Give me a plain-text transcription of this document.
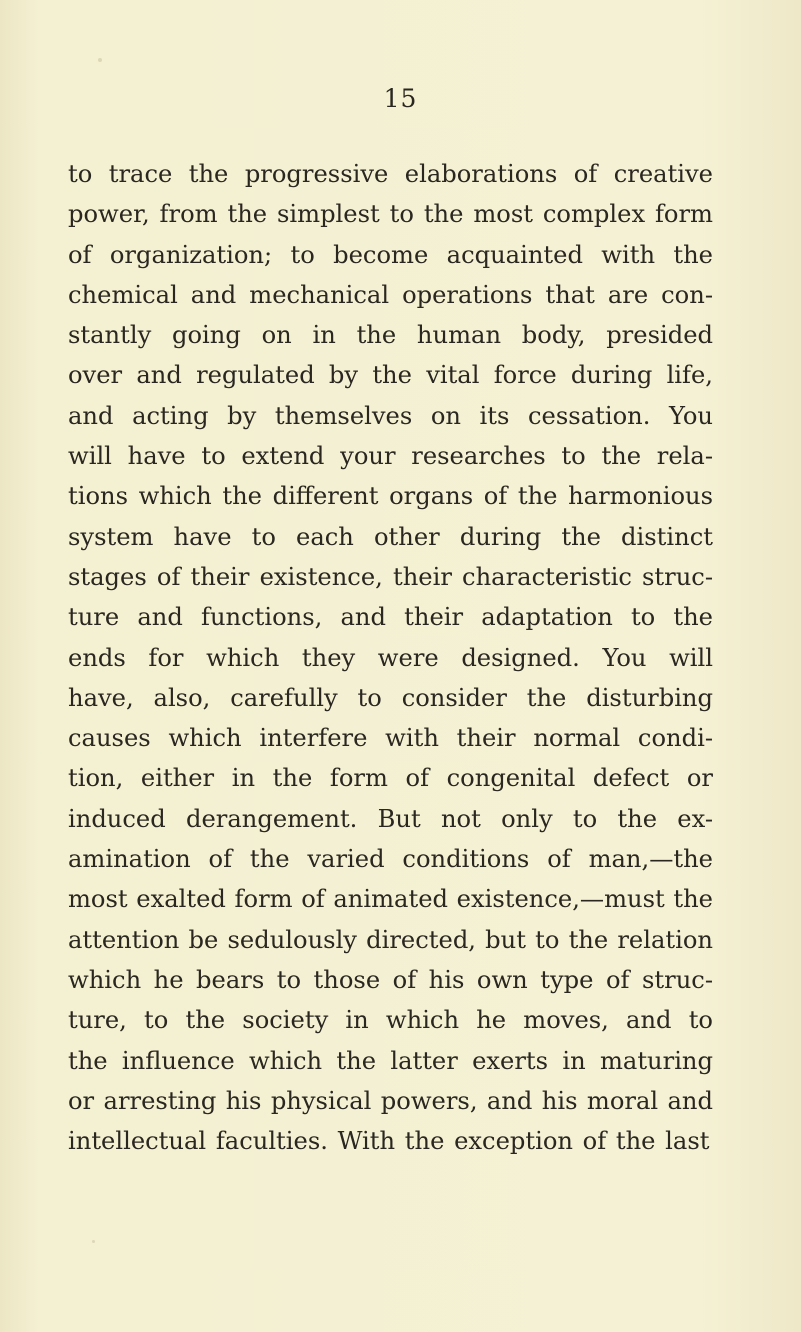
15
to trace the progressive elaborations of creative
power, from the simplest to the most complex form
of organization; to become acquainted with the
chemical and mechanical operations that are con-
stantly going on in the human body, presided
over and regulated by the vital force during life,
and acting by themselves on its cessation. You
will have to extend your researches to the rela-
tions which the different organs of the harmonious
system have to each other during the distinct
stages of their existence, their characteristic struc-
ture and functions, and their adaptation to the
ends for which they were designed. You will
have, also, carefully to consider the disturbing
causes which interfere with their normal condi-
tion, either in the form of congenital defect or
induced derangement. But not only to the ex-
amination of the varied conditions of man,—the
most exalted form of animated existence,—must the
attention be sedulously directed, but to the relation
which he bears to those of his own type of struc-
ture, to the society in which he moves, and to
the influence which the latter exerts in maturing
or arresting his physical powers, and his moral and
intellectual faculties. With the exception of the last
